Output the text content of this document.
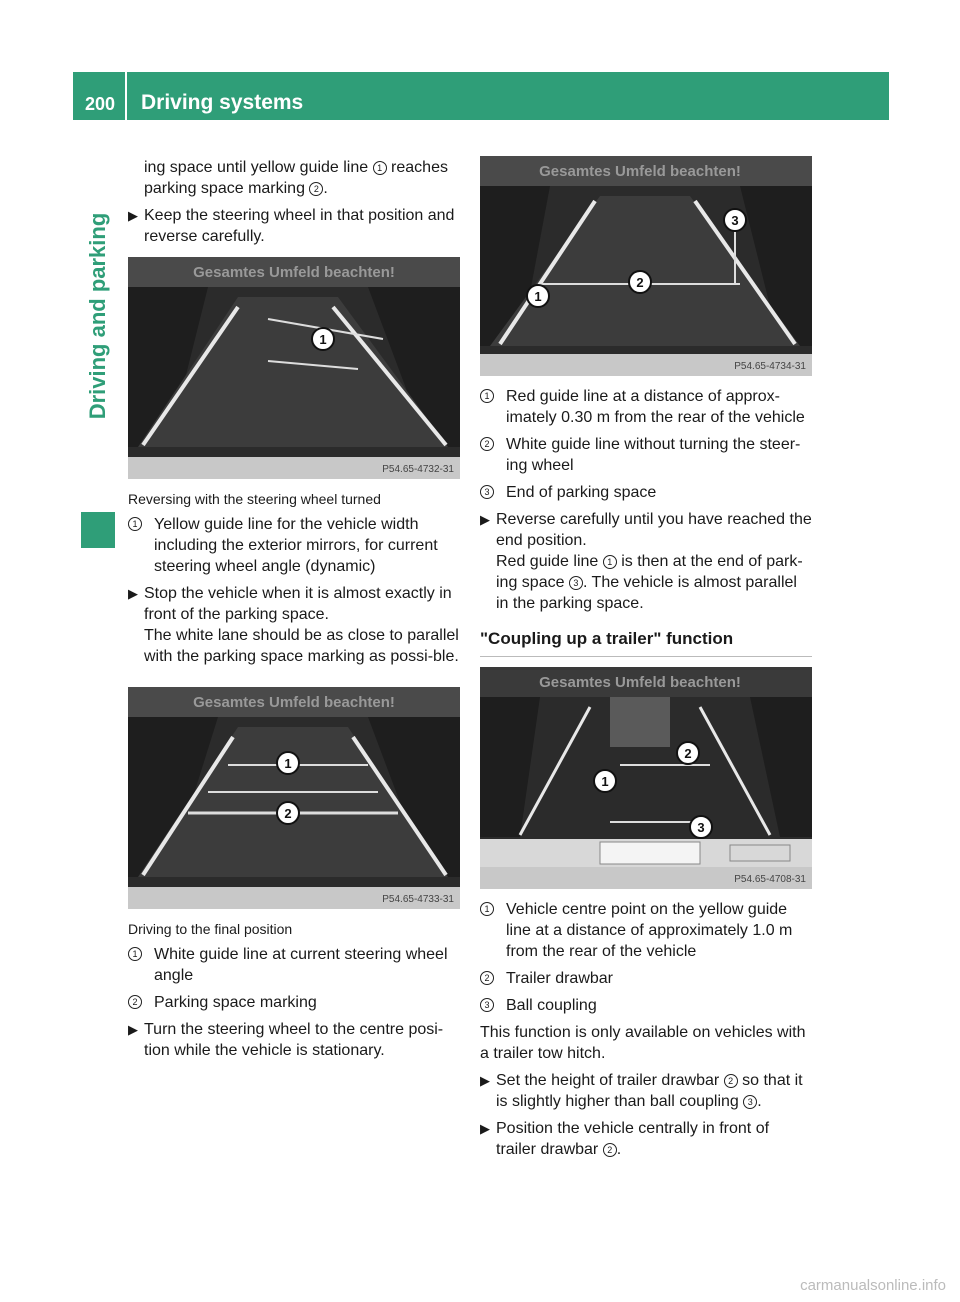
200 Driving systems
Driving and parking

ing space until yellow guide line 1 reaches parking space marking 2 .

▶ Keep the steering wheel in that position and reverse carefully.
1
Gesamtes Umfeld beachten!
P54.65-4732-31

Reversing with the steering wheel turned

1 Yellow guide line for the vehicle width including the exterior mirrors, for current steering wheel angle (dynamic)
▶ Stop the vehicle when it is almost exactly in front of the parking space.
The white lane should be as close to parallel with the parking space marking as possi-ble.
1
2
Gesamtes Umfeld beachten!
P54.65-4733-31

Driving to the final position

1 White guide line at current steering wheel angle
2 Parking space marking
▶ Turn the steering wheel to the centre posi-tion while the vehicle is stationary.
1
2
3
Gesamtes Umfeld beachten!
P54.65-4734-31
1 Red guide line at a distance of approx-imately 0.30 m from the rear of the vehicle
2 White guide line without turning the steer-ing wheel
3 End of parking space
▶ Reverse carefully until you have reached the end position.
Red guide line 1 is then at the end of park-ing space 3 . The vehicle is almost parallel in the parking space.
"Coupling up a trailer" function
1
2
3
Gesamtes Umfeld beachten!
P54.65-4708-31
1 Vehicle centre point on the yellow guide line at a distance of approximately 1.0 m from the rear of the vehicle
2 Trailer drawbar
3 Ball coupling

This function is only available on vehicles with a trailer tow hitch.

▶ Set the height of trailer drawbar 2 so that it is slightly higher than ball coupling 3 .
▶ Position the vehicle centrally in front of trailer drawbar 2 .
carmanualsonline.info
